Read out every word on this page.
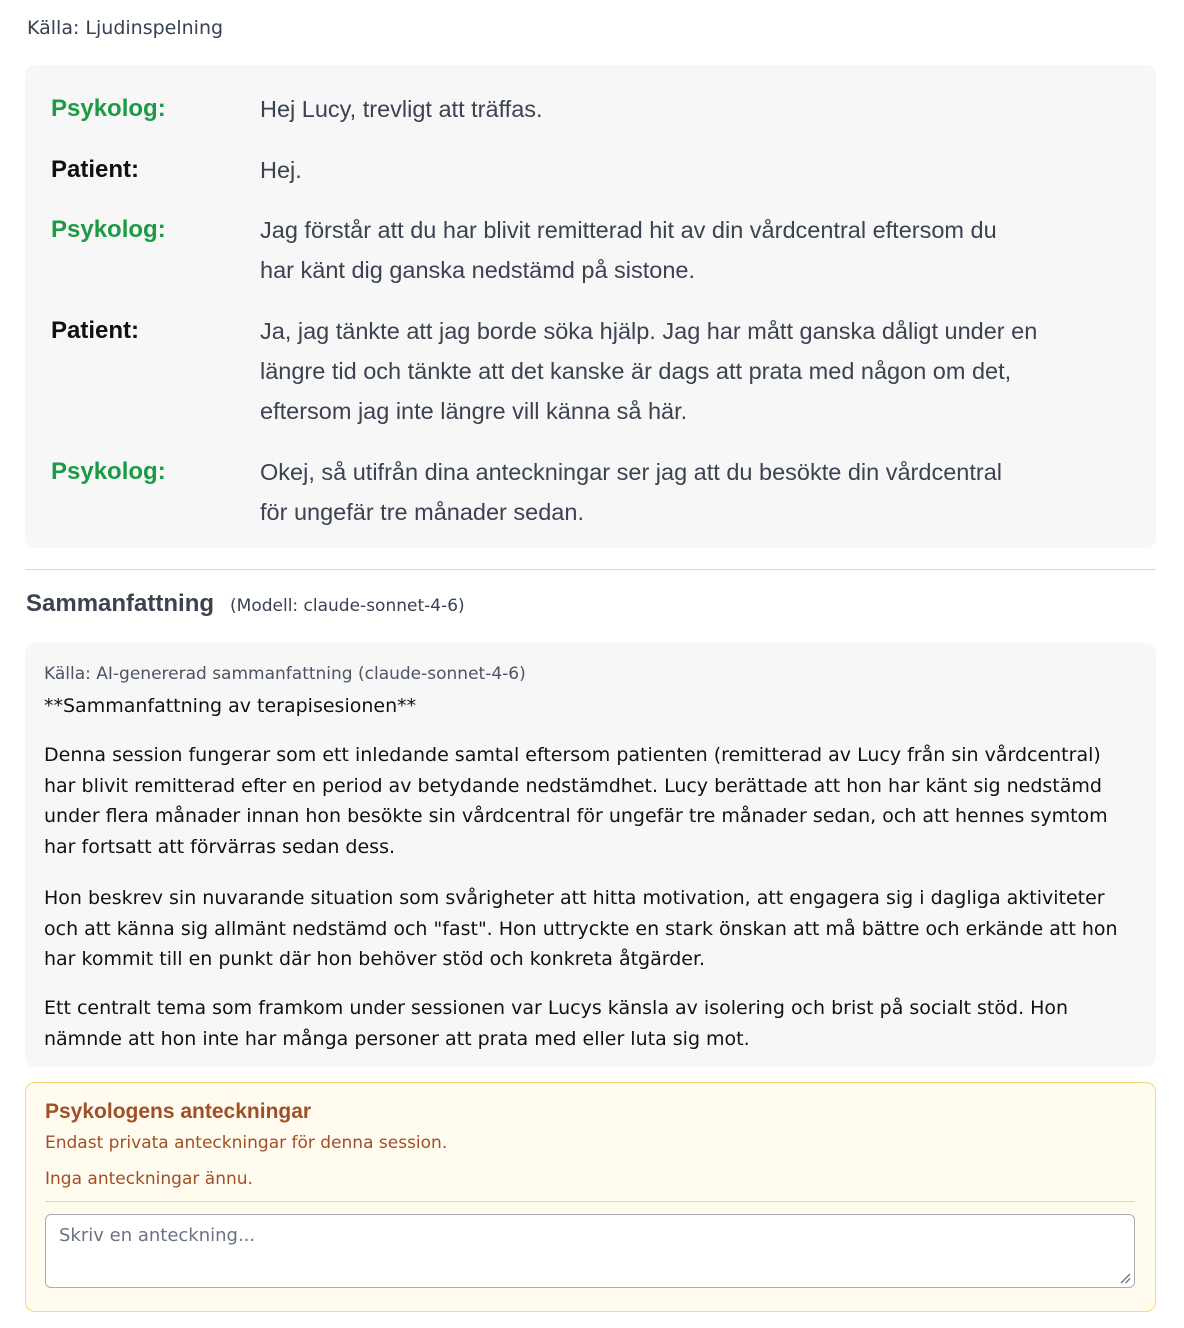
Källa: Ljudinspelning
Psykolog:	Hej Lucy, trevligt att träffas.
Patient:	Hej.
Psykolog:	Jag förstår att du har blivit remitterad hit av din vårdcentral eftersom du har känt dig ganska nedstämd på sistone.
Patient:	Ja, jag tänkte att jag borde söka hjälp. Jag har mått ganska dåligt under en längre tid och tänkte att det kanske är dags att prata med någon om det, eftersom jag inte längre vill känna så här.
Psykolog:	Okej, så utifrån dina anteckningar ser jag att du besökte din vårdcentral för ungefär tre månader sedan.
Sammanfattning (Modell: claude-sonnet-4-6)
Källa: AI-genererad sammanfattning (claude-sonnet-4-6)
**Sammanfattning av terapisesionen**
Denna session fungerar som ett inledande samtal eftersom patienten (remitterad av Lucy från sin vårdcentral) har blivit remitterad efter en period av betydande nedstämdhet. Lucy berättade att hon har känt sig nedstämd under flera månader innan hon besökte sin vårdcentral för ungefär tre månader sedan, och att hennes symtom har fortsatt att förvärras sedan dess.
Hon beskrev sin nuvarande situation som svårigheter att hitta motivation, att engagera sig i dagliga aktiviteter och att känna sig allmänt nedstämd och "fast". Hon uttryckte en stark önskan att må bättre och erkände att hon har kommit till en punkt där hon behöver stöd och konkreta åtgärder.
Ett centralt tema som framkom under sessionen var Lucys känsla av isolering och brist på socialt stöd. Hon nämnde att hon inte har många personer att prata med eller luta sig mot.
Psykologens anteckningar
Endast privata anteckningar för denna session.
Inga anteckningar ännu.
Skriv en anteckning...
